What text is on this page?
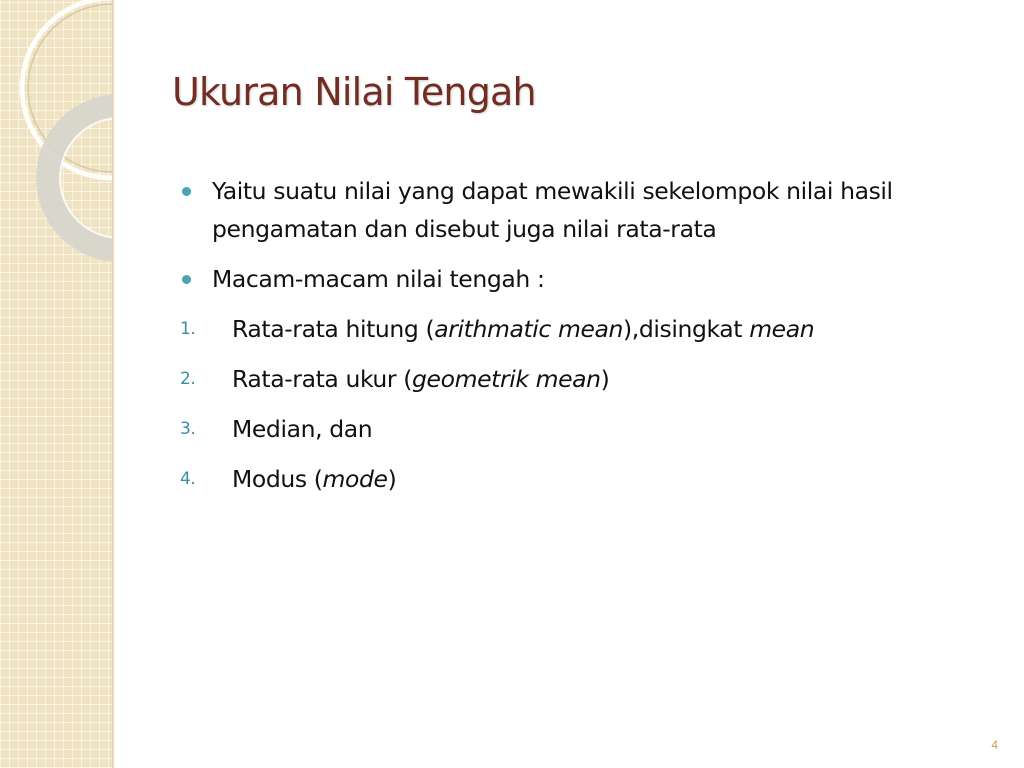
Ukuran Nilai Tengah
Yaitu suatu nilai yang dapat mewakili sekelompok nilai hasil pengamatan dan disebut juga nilai rata-rata
Macam-macam nilai tengah :
1. Rata-rata hitung (arithmatic mean),disingkat mean
2. Rata-rata ukur (geometrik mean)
3. Median, dan
4. Modus (mode)
4
